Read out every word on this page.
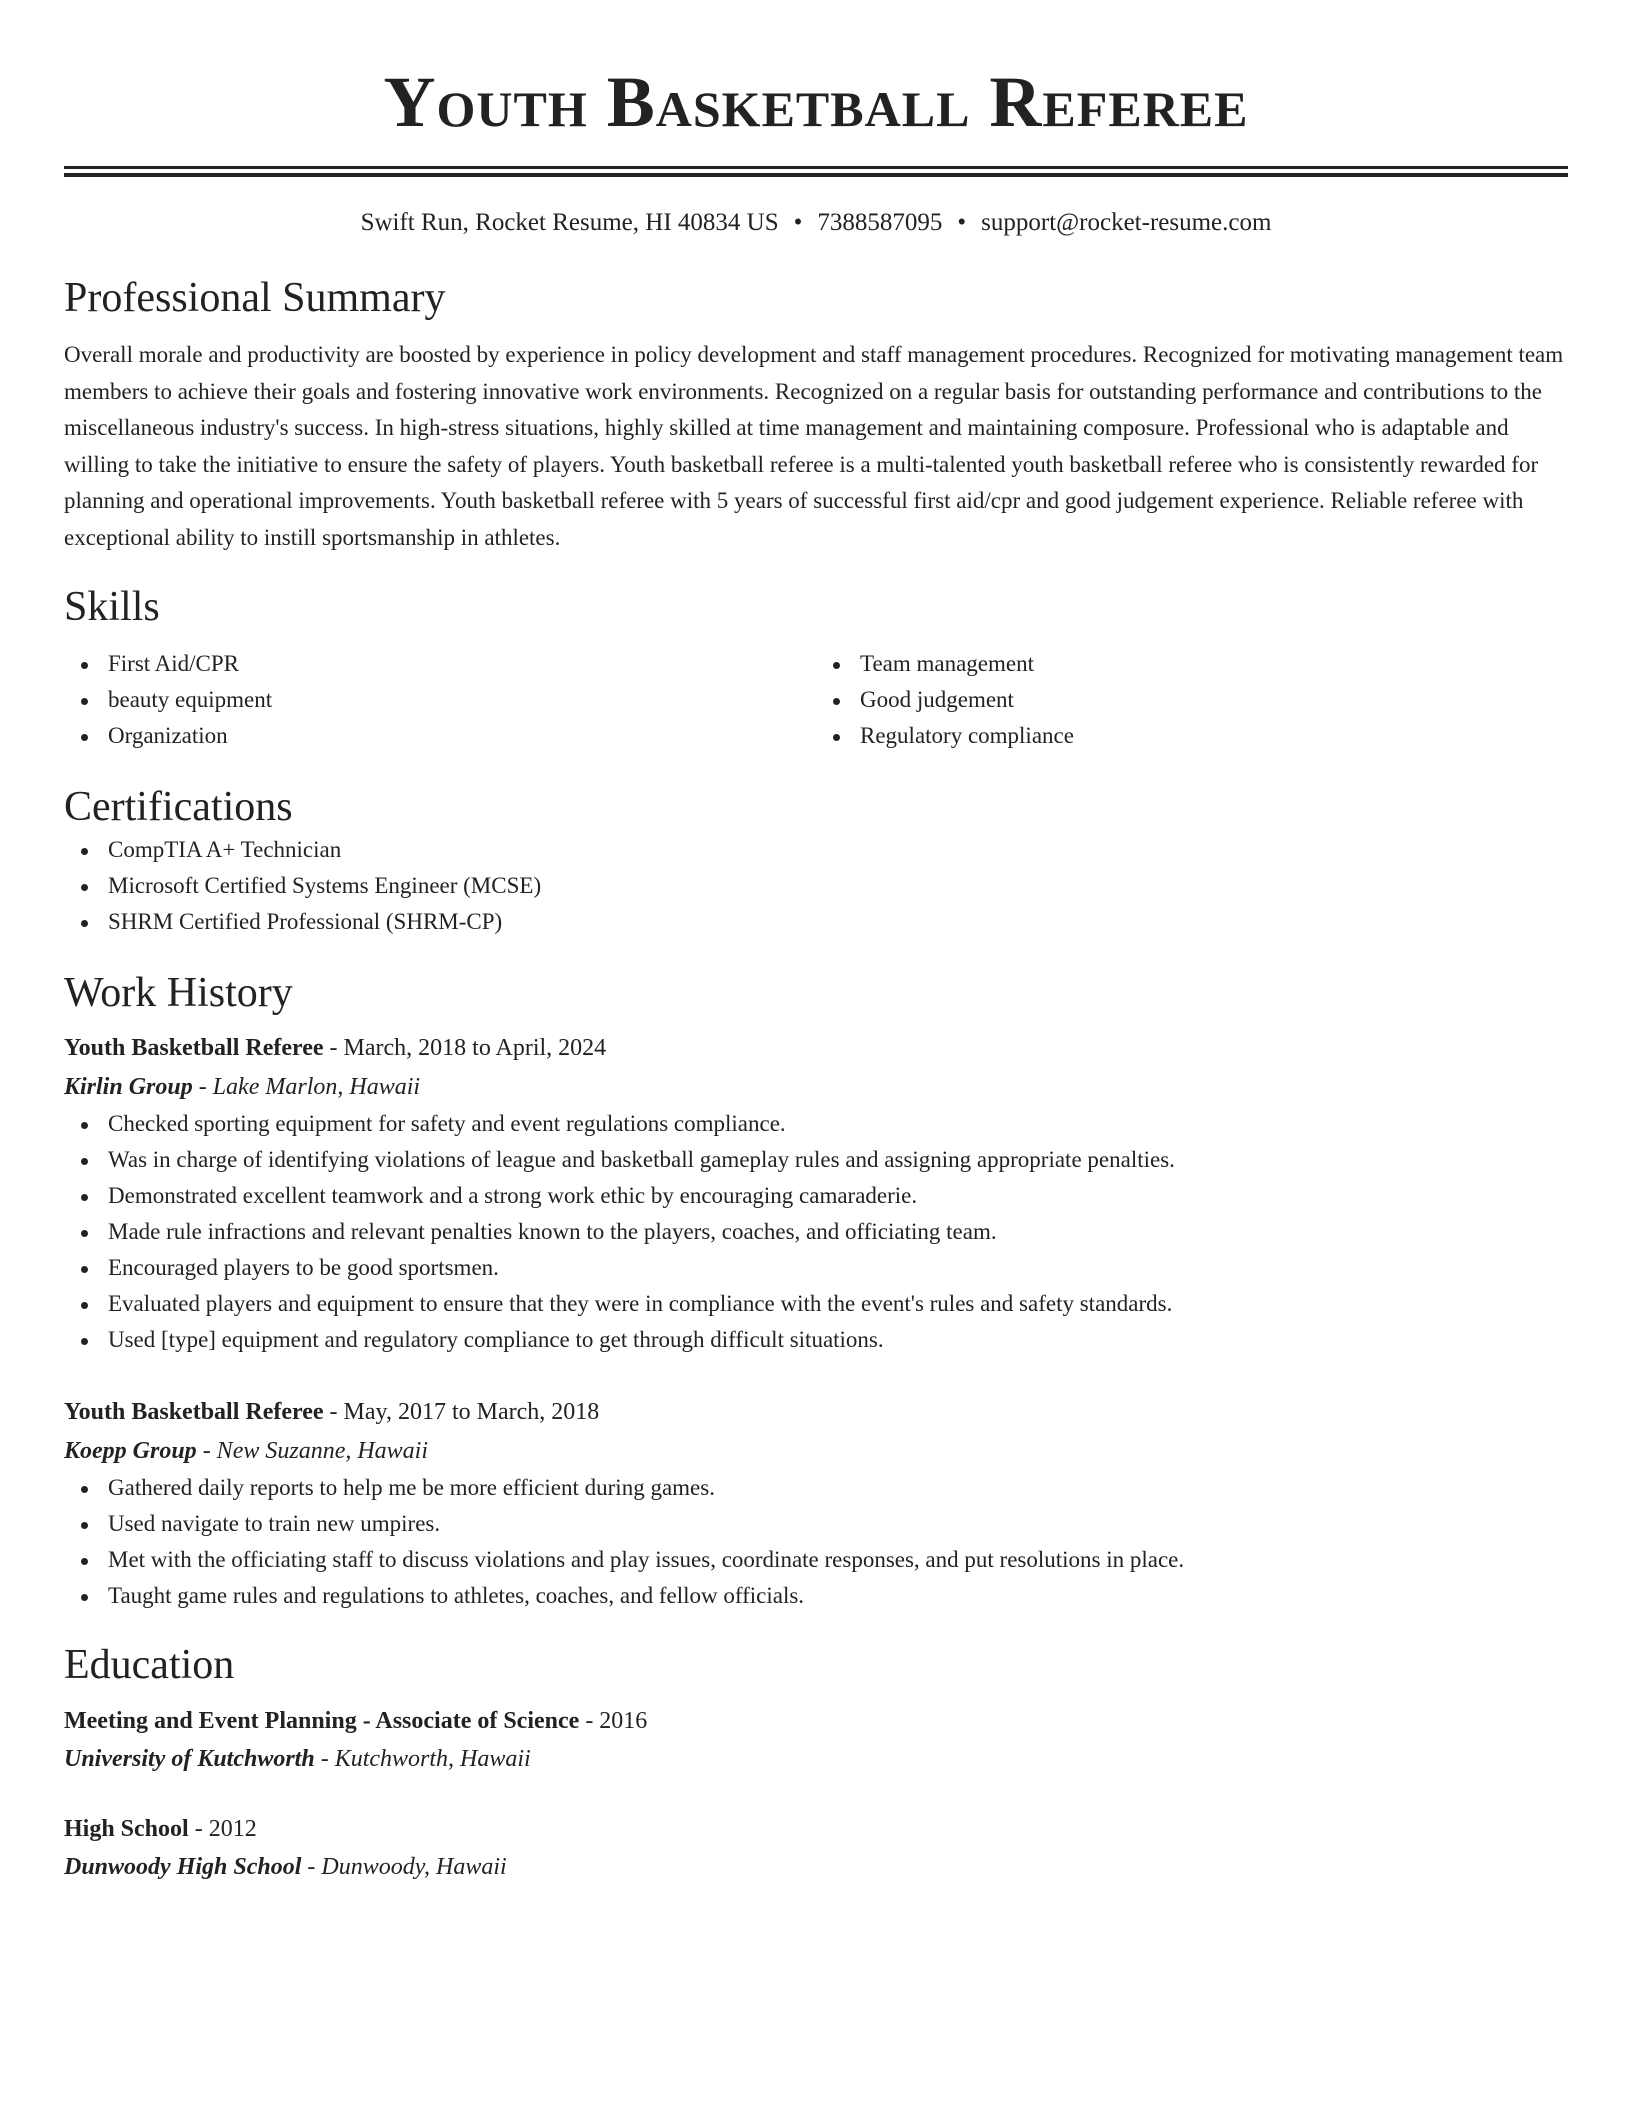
Youth Basketball Referee
Swift Run, Rocket Resume, HI 40834 US • 7388587095 • support@rocket-resume.com
Professional Summary

Overall morale and productivity are boosted by experience in policy development and staff management procedures. Recognized for motivating management team members to achieve their goals and fostering innovative work environments. Recognized on a regular basis for outstanding performance and contributions to the miscellaneous industry's success. In high-stress situations, highly skilled at time management and maintaining composure. Professional who is adaptable and willing to take the initiative to ensure the safety of players. Youth basketball referee is a multi-talented youth basketball referee who is consistently rewarded for planning and operational improvements. Youth basketball referee with 5 years of successful first aid/cpr and good judgement experience. Reliable referee with exceptional ability to instill sportsmanship in athletes.

Skills
First Aid/CPR
beauty equipment
Organization
Team management
Good judgement
Regulatory compliance
Certifications
CompTIA A+ Technician
Microsoft Certified Systems Engineer (MCSE)
SHRM Certified Professional (SHRM-CP)
Work History
Youth Basketball Referee - March, 2018 to April, 2024
Kirlin Group - Lake Marlon, Hawaii
Checked sporting equipment for safety and event regulations compliance.
Was in charge of identifying violations of league and basketball gameplay rules and assigning appropriate penalties.
Demonstrated excellent teamwork and a strong work ethic by encouraging camaraderie.
Made rule infractions and relevant penalties known to the players, coaches, and officiating team.
Encouraged players to be good sportsmen.
Evaluated players and equipment to ensure that they were in compliance with the event's rules and safety standards.
Used [type] equipment and regulatory compliance to get through difficult situations.
Youth Basketball Referee - May, 2017 to March, 2018
Koepp Group - New Suzanne, Hawaii
Gathered daily reports to help me be more efficient during games.
Used navigate to train new umpires.
Met with the officiating staff to discuss violations and play issues, coordinate responses, and put resolutions in place.
Taught game rules and regulations to athletes, coaches, and fellow officials.
Education
Meeting and Event Planning - Associate of Science - 2016
University of Kutchworth - Kutchworth, Hawaii
High School - 2012
Dunwoody High School - Dunwoody, Hawaii
